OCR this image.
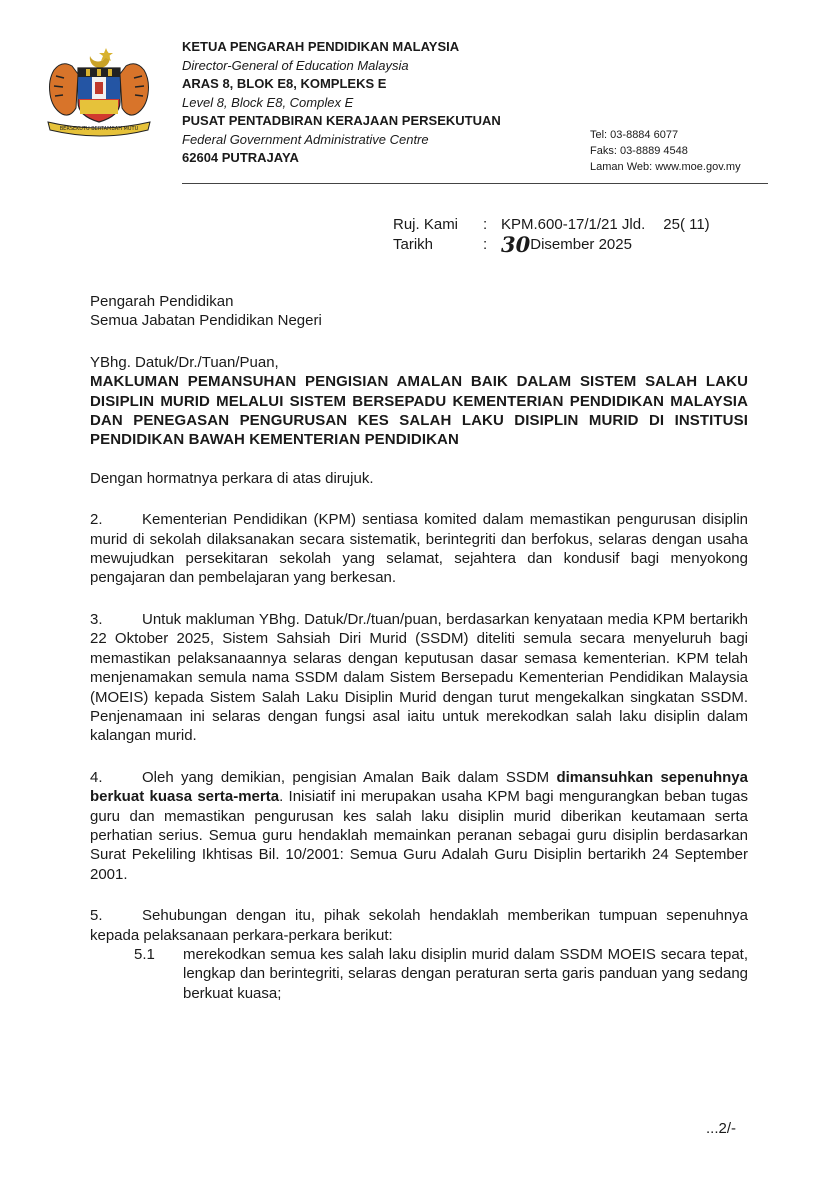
BERSEKUTU BERTAMBAH MUTU
KETUA PENGARAH PENDIDIKAN MALAYSIA
Director-General of Education Malaysia
ARAS 8, BLOK E8, KOMPLEKS E
Level 8, Block E8, Complex E
PUSAT PENTADBIRAN KERAJAAN PERSEKUTUAN
Federal Government Administrative Centre
62604 PUTRAJAYA
Tel: 03-8884 6077
Faks: 03-8889 4548
Laman Web: www.moe.gov.my
Ruj. Kami	: KPM.600-17/1/21 Jld. 25( 11)
Tarikh	: 30 Disember 2025

Pengarah Pendidikan

Semua Jabatan Pendidikan Negeri

YBhg. Datuk/Dr./Tuan/Puan,

MAKLUMAN PEMANSUHAN PENGISIAN AMALAN BAIK DALAM SISTEM SALAH LAKU DISIPLIN MURID MELALUI SISTEM BERSEPADU KEMENTERIAN PENDIDIKAN MALAYSIA DAN PENEGASAN PENGURUSAN KES SALAH LAKU DISIPLIN MURID DI INSTITUSI PENDIDIKAN BAWAH KEMENTERIAN PENDIDIKAN

Dengan hormatnya perkara di atas dirujuk.

2.	Kementerian Pendidikan (KPM) sentiasa komited dalam memastikan pengurusan disiplin murid di sekolah dilaksanakan secara sistematik, berintegriti dan berfokus, selaras dengan usaha mewujudkan persekitaran sekolah yang selamat, sejahtera dan kondusif bagi menyokong pengajaran dan pembelajaran yang berkesan.

3.	Untuk makluman YBhg. Datuk/Dr./tuan/puan, berdasarkan kenyataan media KPM bertarikh 22 Oktober 2025, Sistem Sahsiah Diri Murid (SSDM) diteliti semula secara menyeluruh bagi memastikan pelaksanaannya selaras dengan keputusan dasar semasa kementerian. KPM telah menjenamakan semula nama SSDM dalam Sistem Bersepadu Kementerian Pendidikan Malaysia (MOEIS) kepada Sistem Salah Laku Disiplin Murid dengan turut mengekalkan singkatan SSDM. Penjenamaan ini selaras dengan fungsi asal iaitu untuk merekodkan salah laku disiplin dalam kalangan murid.

4.	Oleh yang demikian, pengisian Amalan Baik dalam SSDM dimansuhkan sepenuhnya berkuat kuasa serta-merta. Inisiatif ini merupakan usaha KPM bagi mengurangkan beban tugas guru dan memastikan pengurusan kes salah laku disiplin murid diberikan keutamaan serta perhatian serius. Semua guru hendaklah memainkan peranan sebagai guru disiplin berdasarkan Surat Pekeliling Ikhtisas Bil. 10/2001: Semua Guru Adalah Guru Disiplin bertarikh 24 September 2001.

5.	Sehubungan dengan itu, pihak sekolah hendaklah memberikan tumpuan sepenuhnya kepada pelaksanaan perkara-perkara berikut:

5.1	merekodkan semua kes salah laku disiplin murid dalam SSDM MOEIS secara tepat, lengkap dan berintegriti, selaras dengan peraturan serta garis panduan yang sedang berkuat kuasa;
...2/-
